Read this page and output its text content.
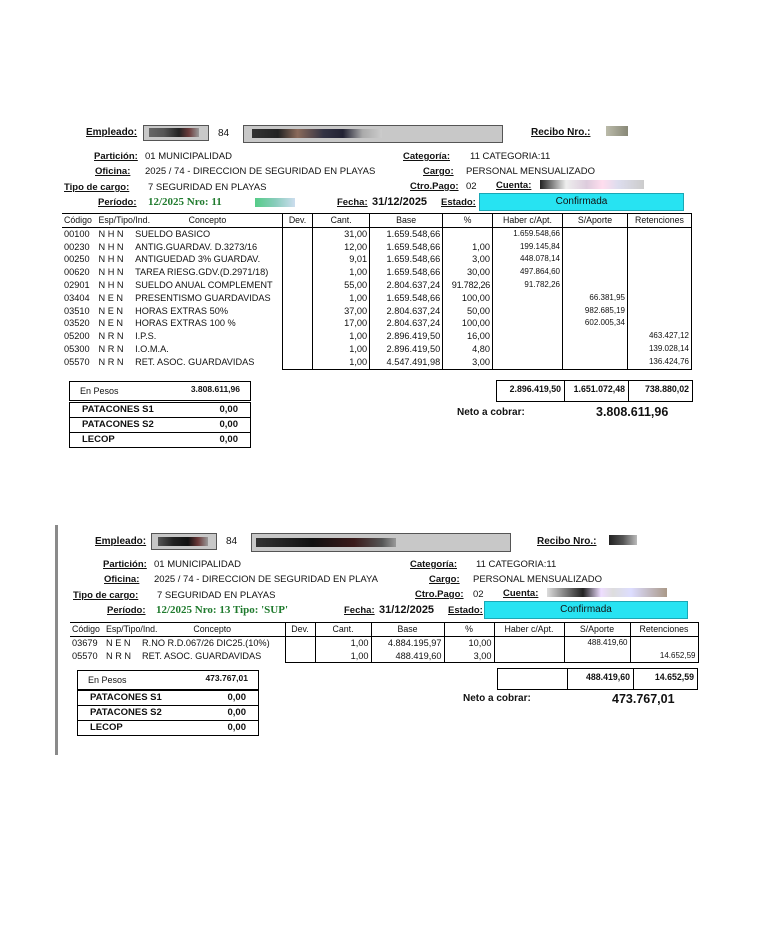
Empleado:	84	Recibo Nro.:
Partición: 01 MUNICIPALIDAD
Oficina: 2025 / 74 - DIRECCION DE SEGURIDAD EN PLAYAS
Tipo de cargo: 7 SEGURIDAD EN PLAYAS
Período: 12/2025 Nro: 11
Categoría: 11 CATEGORIA:11
Cargo: PERSONAL MENSUALIZADO
Ctro.Pago: 02 Cuenta:
Fecha: 31/12/2025 Estado:	Confirmada
Código	Esp/Tipo/Ind.	Concepto	Dev.	Cant.	Base	%	Haber c/Apt.	S/Aporte	Retenciones
00100	N H N	SUELDO BASICO		31,00	1.659.548,66		1.659.548,66		
00230	N H N	ANTIG.GUARDAV. D.3273/16		12,00	1.659.548,66	1,00	199.145,84		
00250	N H N	ANTIGUEDAD 3% GUARDAV.		9,01	1.659.548,66	3,00	448.078,14		
00620	N H N	TAREA RIESG.GDV.(D.2971/18)		1,00	1.659.548,66	30,00	497.864,60		
02901	N H N	SUELDO ANUAL COMPLEMENT		55,00	2.804.637,24	91.782,26	91.782,26		
03404	N E N	PRESENTISMO GUARDAVIDAS		1,00	1.659.548,66	100,00		66.381,95	
03510	N E N	HORAS EXTRAS 50%		37,00	2.804.637,24	50,00		982.685,19	
03520	N E N	HORAS EXTRAS 100 %		17,00	2.804.637,24	100,00		602.005,34	
05200	N R N	I.P.S.		1,00	2.896.419,50	16,00			463.427,12
05300	N R N	I.O.M.A.		1,00	2.896.419,50	4,80			139.028,14
05570	N R N	RET. ASOC. GUARDAVIDAS		1,00	4.547.491,98	3,00			136.424,76
2.896.419,50	1.651.072,48	738.880,02
En Pesos	3.808.611,96
PATACONES S1	0,00
PATACONES S2	0,00
LECOP	0,00
Neto a cobrar:	3.808.611,96
Empleado:	84	Recibo Nro.:
Partición: 01 MUNICIPALIDAD
Oficina: 2025 / 74 - DIRECCION DE SEGURIDAD EN PLAYA
Tipo de cargo: 7 SEGURIDAD EN PLAYAS
Período: 12/2025 Nro: 13 Tipo: 'SUP'
Categoría: 11 CATEGORIA:11
Cargo: PERSONAL MENSUALIZADO
Ctro.Pago: 02 Cuenta:
Fecha: 31/12/2025 Estado:	Confirmada
Código	Esp/Tipo/Ind.	Concepto	Dev.	Cant.	Base	%	Haber c/Apt.	S/Aporte	Retenciones
03679	N E N	R.NO R.D.067/26 DIC25.(10%)		1,00	4.884.195,97	10,00		488.419,60	
05570	N R N	RET. ASOC. GUARDAVIDAS		1,00	488.419,60	3,00			14.652,59
488.419,60	14.652,59
En Pesos	473.767,01
PATACONES S1	0,00
PATACONES S2	0,00
LECOP	0,00
Neto a cobrar:	473.767,01
